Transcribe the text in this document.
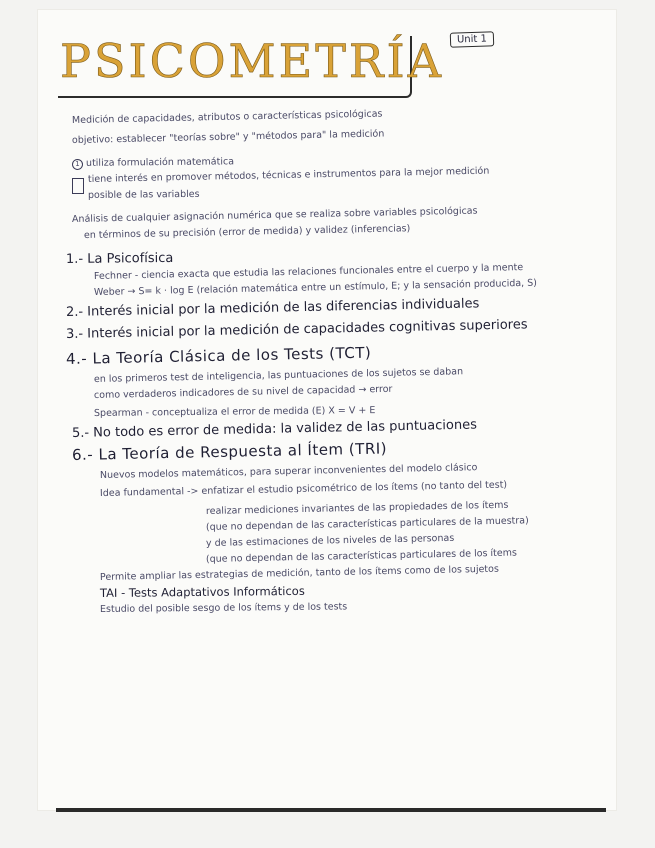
PSICOMETRÍA	Unit 1
Medición de capacidades, atributos o características psicológicas
objetivo: establecer "teorías sobre" y "métodos para" la medición
1 utiliza formulación matemática
tiene interés en promover métodos, técnicas e instrumentos para la mejor medición
posible de las variables
Análisis de cualquier asignación numérica que se realiza sobre variables psicológicas
en términos de su precisión (error de medida) y validez (inferencias)
1.- La Psicofísica
Fechner - ciencia exacta que estudia las relaciones funcionales entre el cuerpo y la mente
Weber → S= k · log E (relación matemática entre un estímulo, E; y la sensación producida, S)
2.- Interés inicial por la medición de las diferencias individuales
3.- Interés inicial por la medición de capacidades cognitivas superiores
4.- La Teoría Clásica de los Tests (TCT)
en los primeros test de inteligencia, las puntuaciones de los sujetos se daban
como verdaderos indicadores de su nivel de capacidad → error
Spearman - conceptualiza el error de medida (E) X = V + E
5.- No todo es error de medida: la validez de las puntuaciones
6.- La Teoría de Respuesta al Ítem (TRI)
Nuevos modelos matemáticos, para superar inconvenientes del modelo clásico
Idea fundamental -> enfatizar el estudio psicométrico de los ítems (no tanto del test)
realizar mediciones invariantes de las propiedades de los ítems
(que no dependan de las características particulares de la muestra)
y de las estimaciones de los niveles de las personas
(que no dependan de las características particulares de los ítems
Permite ampliar las estrategias de medición, tanto de los ítems como de los sujetos
TAI - Tests Adaptativos Informáticos
Estudio del posible sesgo de los ítems y de los tests
